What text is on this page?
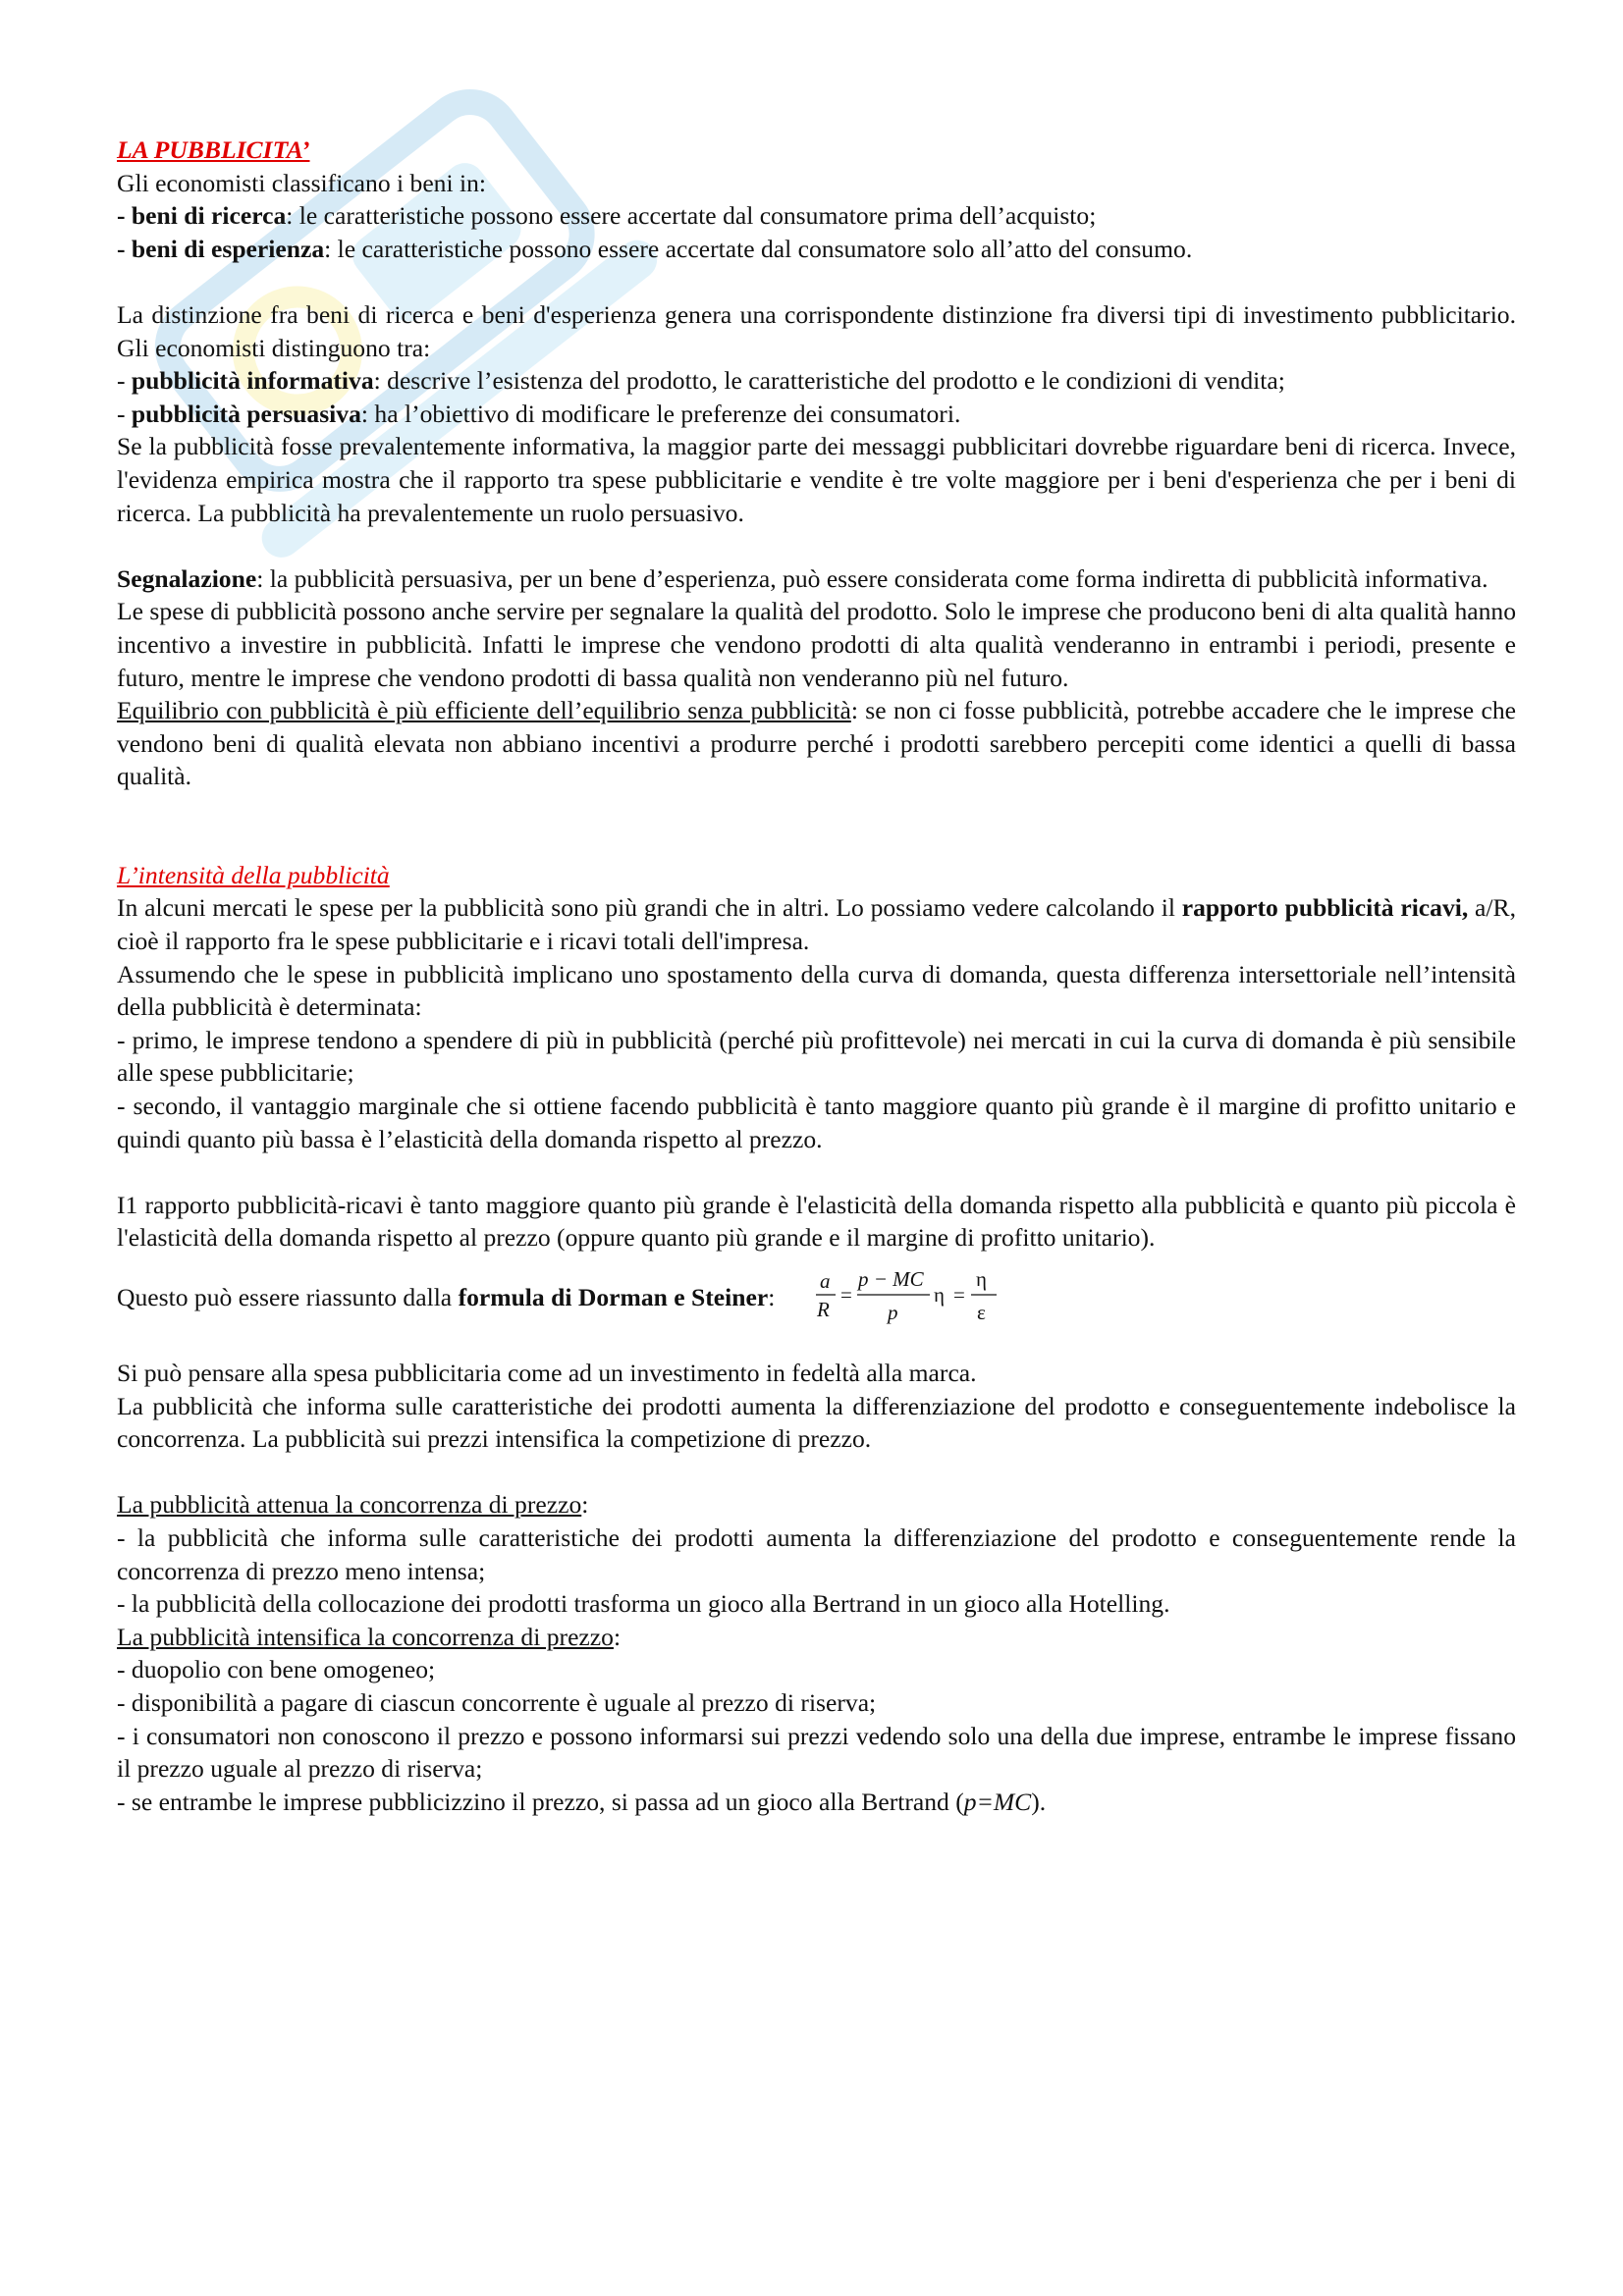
LA PUBBLICITA’

Gli economisti classificano i beni in:

- beni di ricerca: le caratteristiche possono essere accertate dal consumatore prima dell’acquisto;

- beni di esperienza: le caratteristiche possono essere accertate dal consumatore solo all’atto del consumo.

La distinzione fra beni di ricerca e beni d'esperienza genera una corrispondente distinzione fra diversi tipi di investimento pubblicitario. Gli economisti distinguono tra:

- pubblicità informativa: descrive l’esistenza del prodotto, le caratteristiche del prodotto e le condizioni di vendita;

- pubblicità persuasiva: ha l’obiettivo di modificare le preferenze dei consumatori.

Se la pubblicità fosse prevalentemente informativa, la maggior parte dei messaggi pubblicitari dovrebbe riguardare beni di ricerca. Invece, l'evidenza empirica mostra che il rapporto tra spese pubblicitarie e vendite è tre volte maggiore per i beni d'esperienza che per i beni di ricerca. La pubblicità ha prevalentemente un ruolo persuasivo.

Segnalazione: la pubblicità persuasiva, per un bene d’esperienza, può essere considerata come forma indiretta di pubblicità informativa.

Le spese di pubblicità possono anche servire per segnalare la qualità del prodotto. Solo le imprese che producono beni di alta qualità hanno incentivo a investire in pubblicità. Infatti le imprese che vendono prodotti di alta qualità venderanno in entrambi i periodi, presente e futuro, mentre le imprese che vendono prodotti di bassa qualità non venderanno più nel futuro.

Equilibrio con pubblicità è più efficiente dell’equilibrio senza pubblicità: se non ci fosse pubblicità, potrebbe accadere che le imprese che vendono beni di qualità elevata non abbiano incentivi a produrre perché i prodotti sarebbero percepiti come identici a quelli di bassa qualità.

L’intensità della pubblicità

In alcuni mercati le spese per la pubblicità sono più grandi che in altri. Lo possiamo vedere calcolando il rapporto pubblicità ricavi, a/R, cioè il rapporto fra le spese pubblicitarie e i ricavi totali dell'impresa.

Assumendo che le spese in pubblicità implicano uno spostamento della curva di domanda, questa differenza intersettoriale nell’intensità della pubblicità è determinata:

- primo, le imprese tendono a spendere di più in pubblicità (perché più profittevole) nei mercati in cui la curva di domanda è più sensibile alle spese pubblicitarie;

- secondo, il vantaggio marginale che si ottiene facendo pubblicità è tanto maggiore quanto più grande è il margine di profitto unitario e quindi quanto più bassa è l’elasticità della domanda rispetto al prezzo.

I1 rapporto pubblicità-ricavi è tanto maggiore quanto più grande è l'elasticità della domanda rispetto alla pubblicità e quanto più piccola è l'elasticità della domanda rispetto al prezzo (oppure quanto più grande e il margine di profitto unitario).

Questo può essere riassunto dalla formula di Dorman e Steiner:
a
R
=
p − MC
p
η =
η
ε

Si può pensare alla spesa pubblicitaria come ad un investimento in fedeltà alla marca.

La pubblicità che informa sulle caratteristiche dei prodotti aumenta la differenziazione del prodotto e conseguentemente indebolisce la concorrenza. La pubblicità sui prezzi intensifica la competizione di prezzo.

La pubblicità attenua la concorrenza di prezzo:

- la pubblicità che informa sulle caratteristiche dei prodotti aumenta la differenziazione del prodotto e conseguentemente rende la concorrenza di prezzo meno intensa;

- la pubblicità della collocazione dei prodotti trasforma un gioco alla Bertrand in un gioco alla Hotelling.

La pubblicità intensifica la concorrenza di prezzo:

- duopolio con bene omogeneo;

- disponibilità a pagare di ciascun concorrente è uguale al prezzo di riserva;

- i consumatori non conoscono il prezzo e possono informarsi sui prezzi vedendo solo una della due imprese, entrambe le imprese fissano il prezzo uguale al prezzo di riserva;

- se entrambe le imprese pubblicizzino il prezzo, si passa ad un gioco alla Bertrand (p=MC).
